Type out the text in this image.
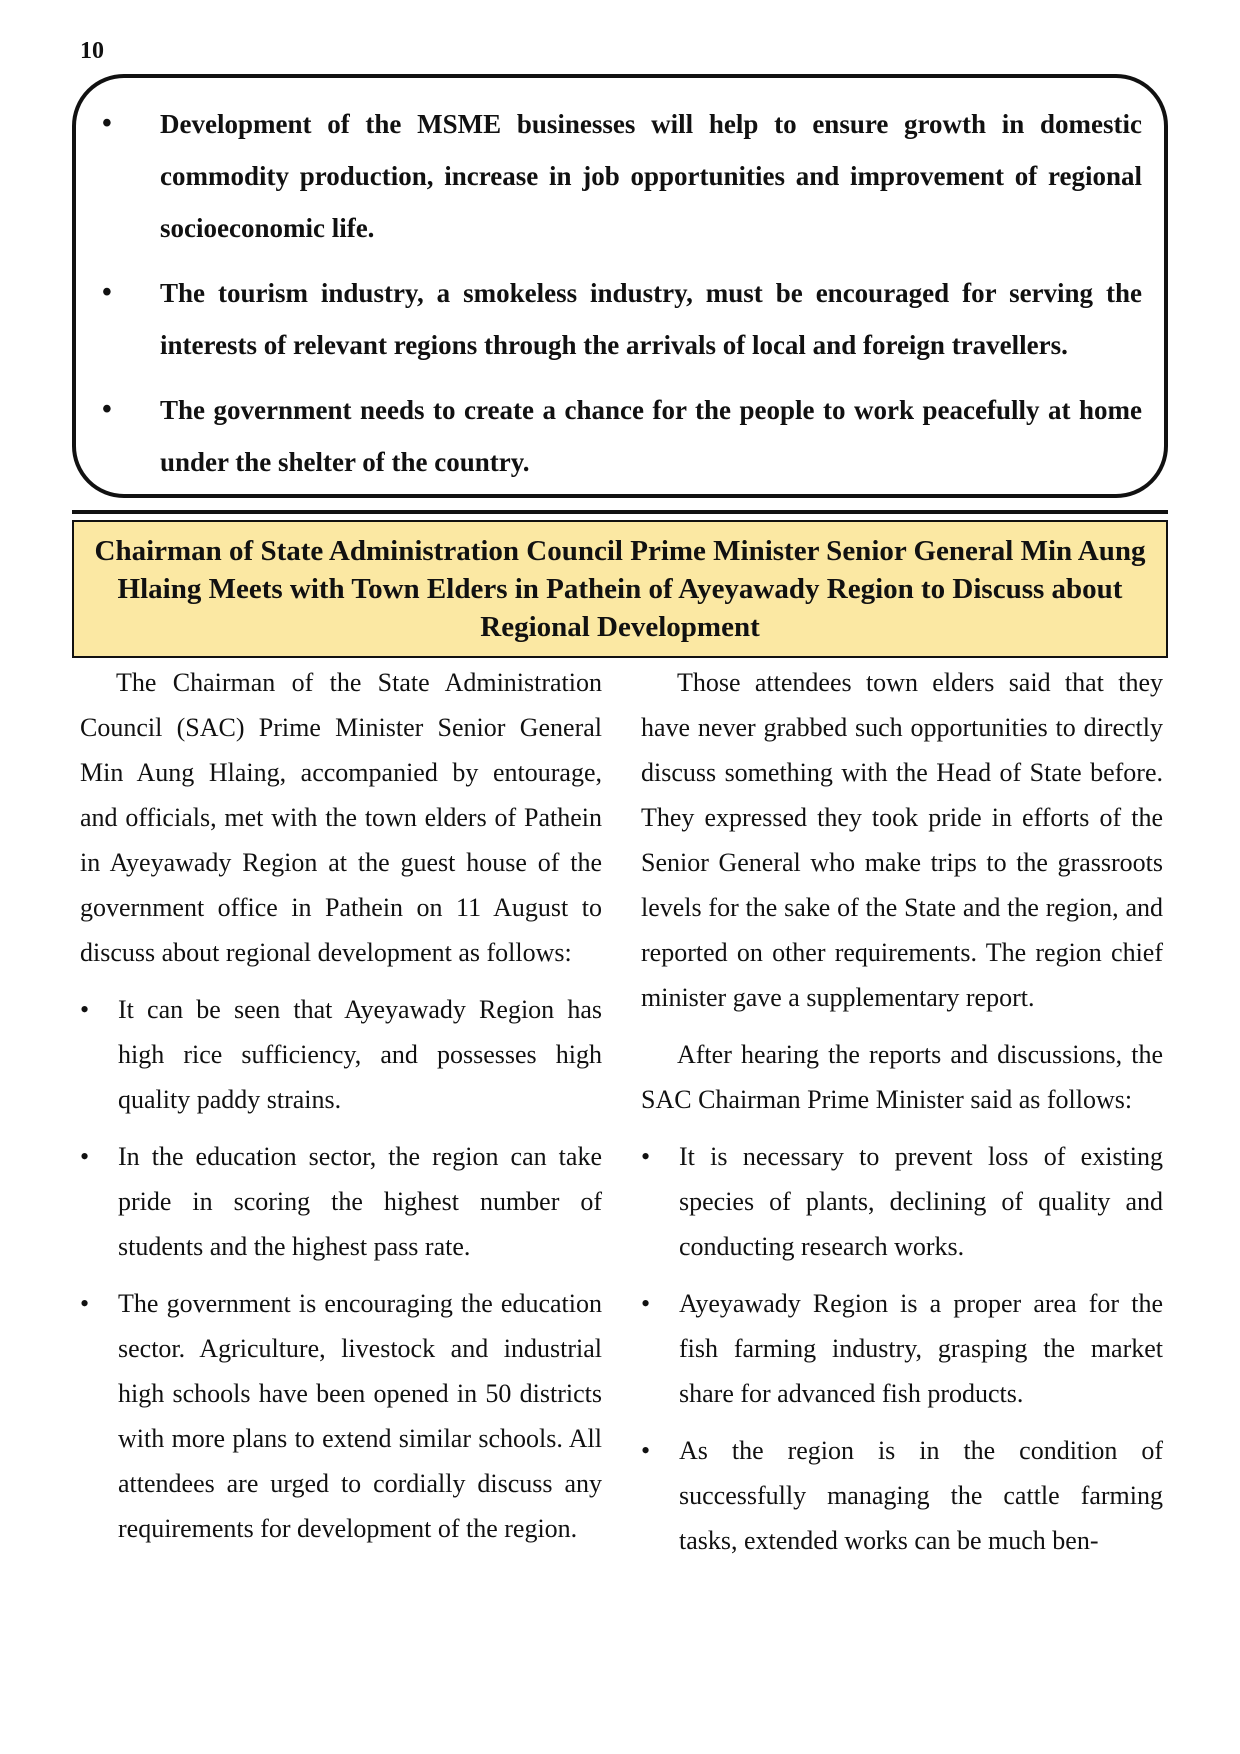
10
• Development of the MSME businesses will help to ensure growth in domestic commodity production, increase in job opportunities and improvement of regional socioeconomic life.
• The tourism industry, a smokeless industry, must be encouraged for serving the interests of relevant regions through the arrivals of local and foreign travellers.
• The government needs to create a chance for the people to work peacefully at home under the shelter of the country.
Chairman of State Administration Council Prime Minister Senior General Min Aung Hlaing Meets with Town Elders in Pathein of Ayeyawady Region to Discuss about Regional Development

The Chairman of the State Administration Council (SAC) Prime Minister Senior General Min Aung Hlaing, accompanied by entourage, and officials, met with the town elders of Pathein in Ayeyawady Region at the guest house of the government office in Pathein on 11 August to discuss about regional development as follows:

• It can be seen that Ayeyawady Region has high rice sufficiency, and possesses high quality paddy strains.
• In the education sector, the region can take pride in scoring the highest number of students and the highest pass rate.
• The government is encouraging the education sector. Agriculture, livestock and industrial high schools have been opened in 50 districts with more plans to extend similar schools. All attendees are urged to cordially discuss any requirements for development of the region.

Those attendees town elders said that they have never grabbed such opportunities to directly discuss something with the Head of State before. They expressed they took pride in efforts of the Senior General who make trips to the grassroots levels for the sake of the State and the region, and reported on other requirements. The region chief minister gave a supplementary report.

After hearing the reports and discussions, the SAC Chairman Prime Minister said as follows:

• It is necessary to prevent loss of existing species of plants, declining of quality and conducting research works.
• Ayeyawady Region is a proper area for the fish farming industry, grasping the market share for advanced fish products.
• As the region is in the condition of successfully managing the cattle farming tasks, extended works can be much ben-
